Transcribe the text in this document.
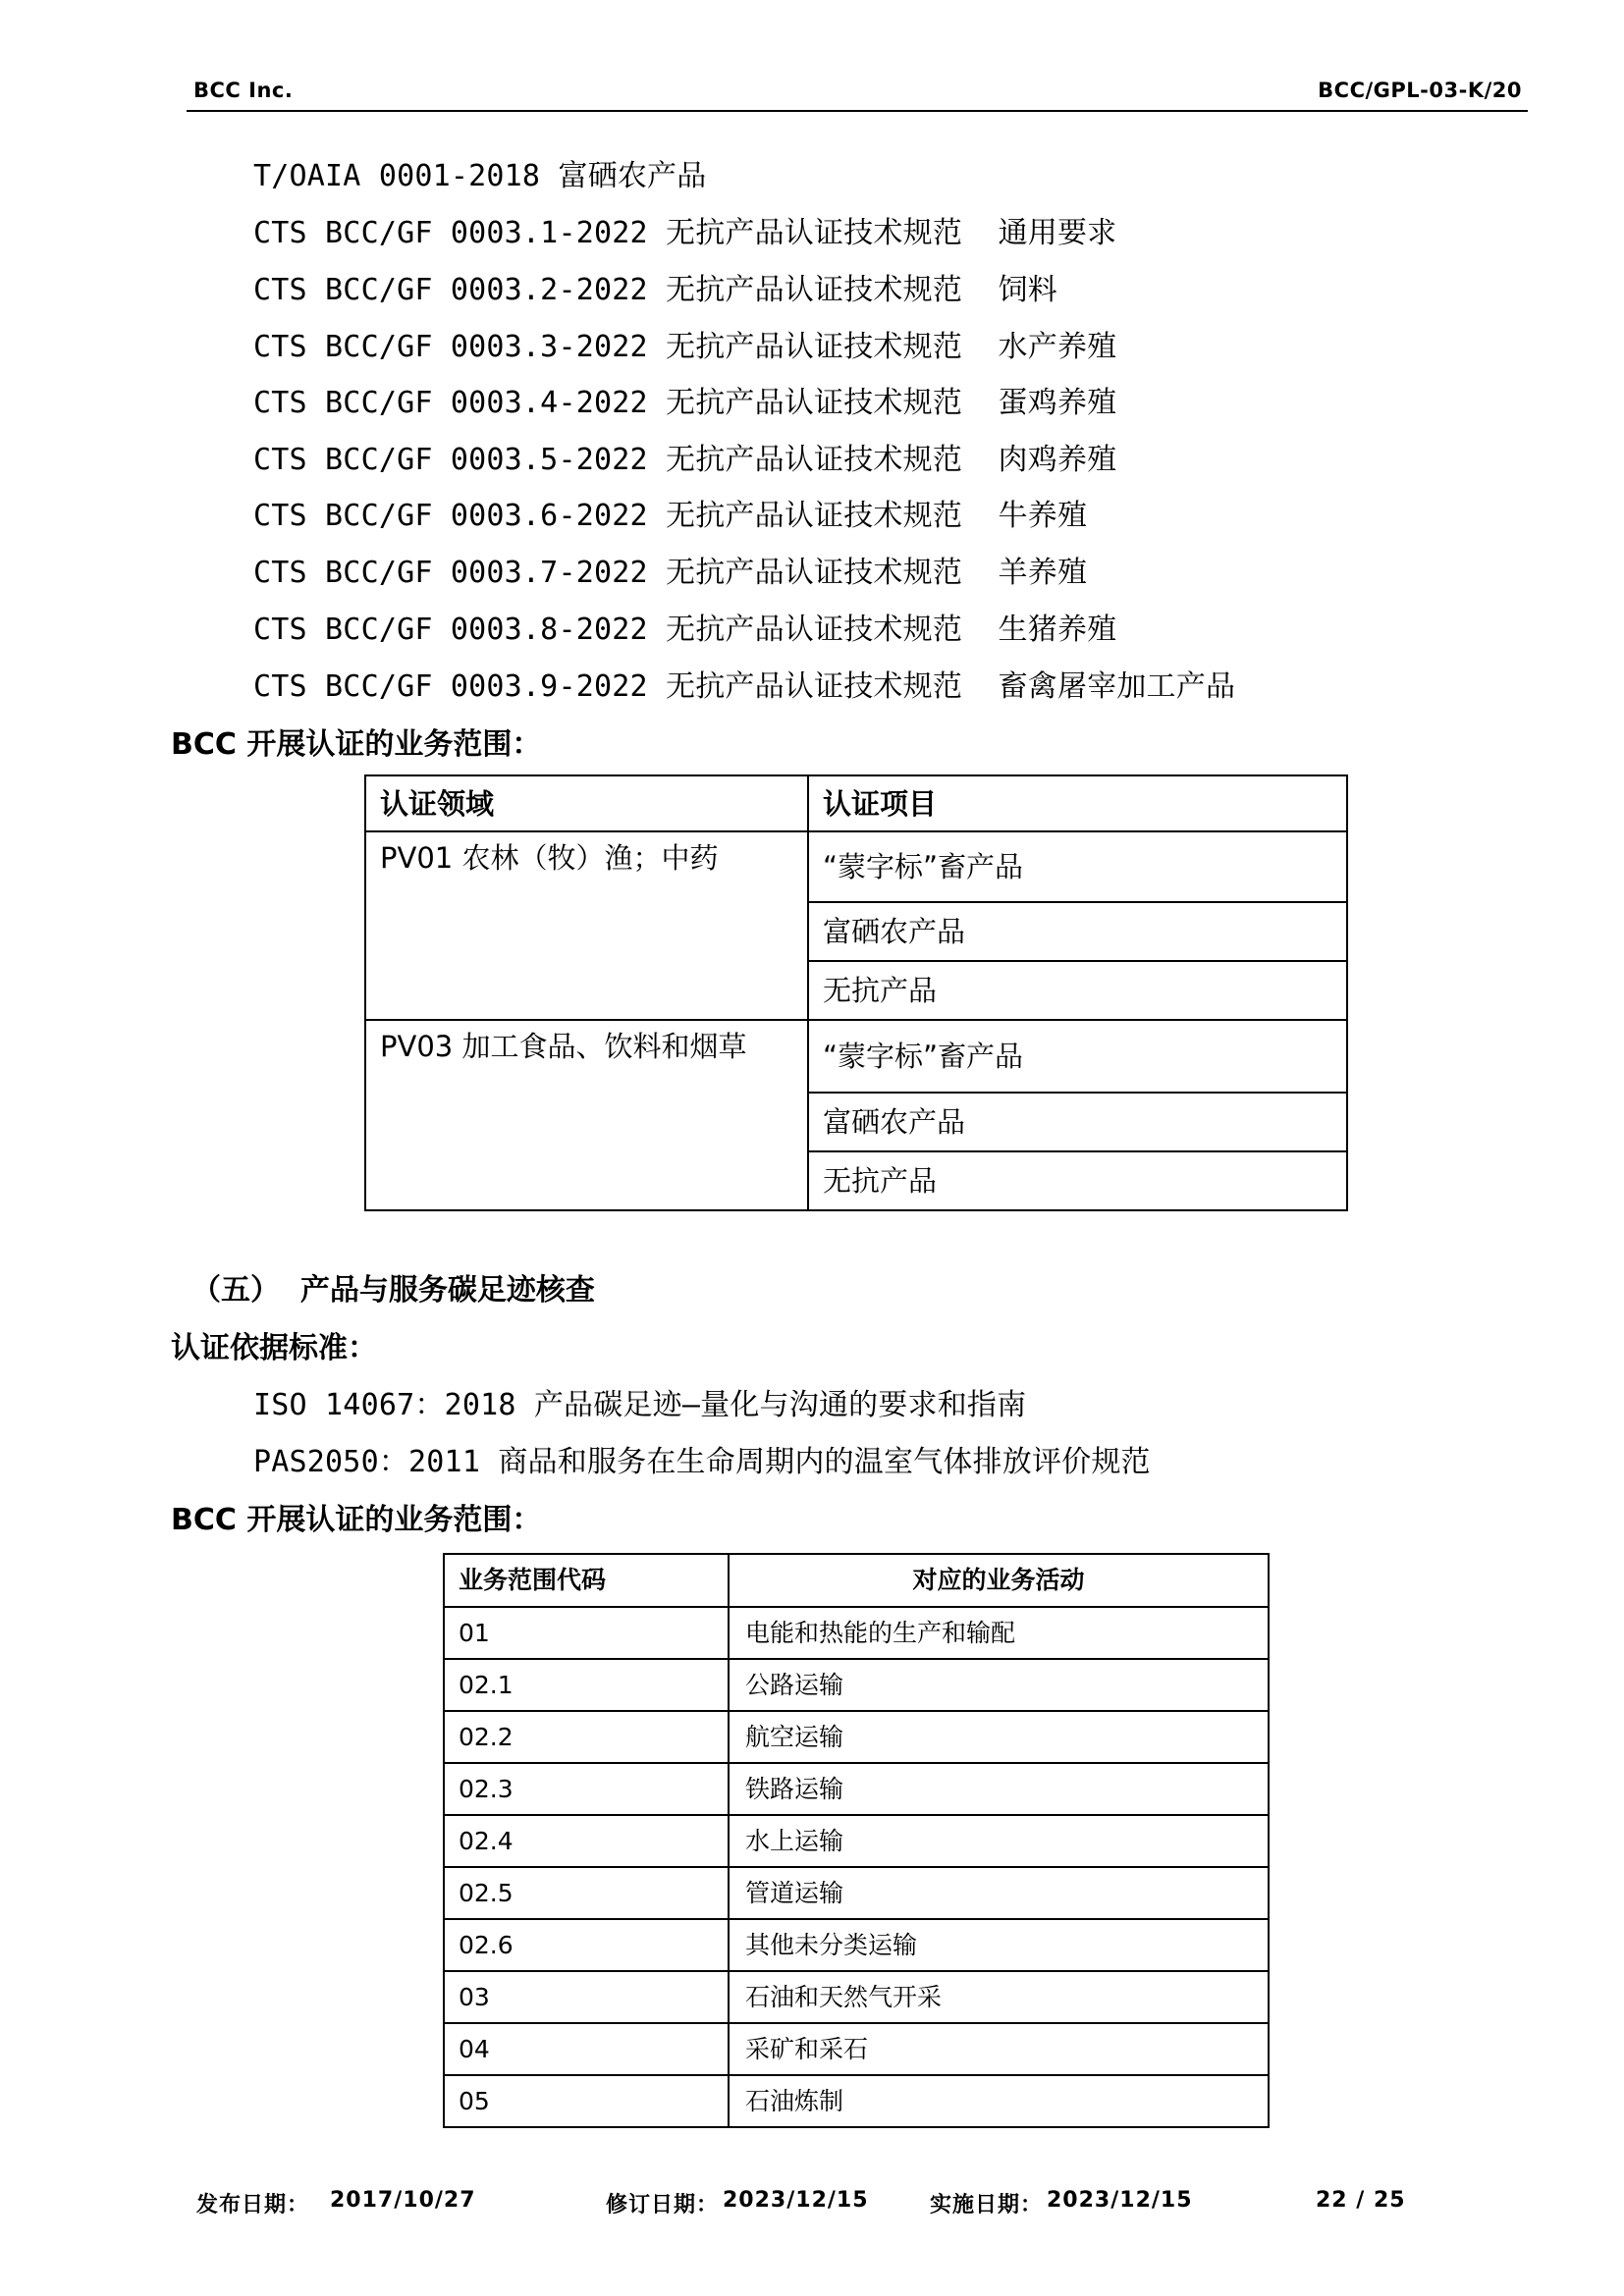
BCC Inc.	BCC/GPL-03-K/20
T/OAIA 0001-2018 富硒农产品
CTS BCC/GF 0003.1-2022 无抗产品认证技术规范  通用要求
CTS BCC/GF 0003.2-2022 无抗产品认证技术规范  饲料
CTS BCC/GF 0003.3-2022 无抗产品认证技术规范  水产养殖
CTS BCC/GF 0003.4-2022 无抗产品认证技术规范  蛋鸡养殖
CTS BCC/GF 0003.5-2022 无抗产品认证技术规范  肉鸡养殖
CTS BCC/GF 0003.6-2022 无抗产品认证技术规范  牛养殖
CTS BCC/GF 0003.7-2022 无抗产品认证技术规范  羊养殖
CTS BCC/GF 0003.8-2022 无抗产品认证技术规范  生猪养殖
CTS BCC/GF 0003.9-2022 无抗产品认证技术规范  畜禽屠宰加工产品
BCC 开展认证的业务范围：
认证领域	认证项目
PV01 农林（牧）渔；中药	“蒙字标”畜产品
	富硒农产品
	无抗产品
PV03 加工食品、饮料和烟草	“蒙字标”畜产品
	富硒农产品
	无抗产品
（五）  产品与服务碳足迹核查
认证依据标准：
ISO 14067：2018 产品碳足迹—量化与沟通的要求和指南
PAS2050：2011 商品和服务在生命周期内的温室气体排放评价规范
BCC 开展认证的业务范围：
业务范围代码	对应的业务活动
01	电能和热能的生产和输配
02.1	公路运输
02.2	航空运输
02.3	铁路运输
02.4	水上运输
02.5	管道运输
02.6	其他未分类运输
03	石油和天然气开采
04	采矿和采石
05	石油炼制
发布日期： 2017/10/27	修订日期： 2023/12/15	实施日期： 2023/12/15	22 / 25
